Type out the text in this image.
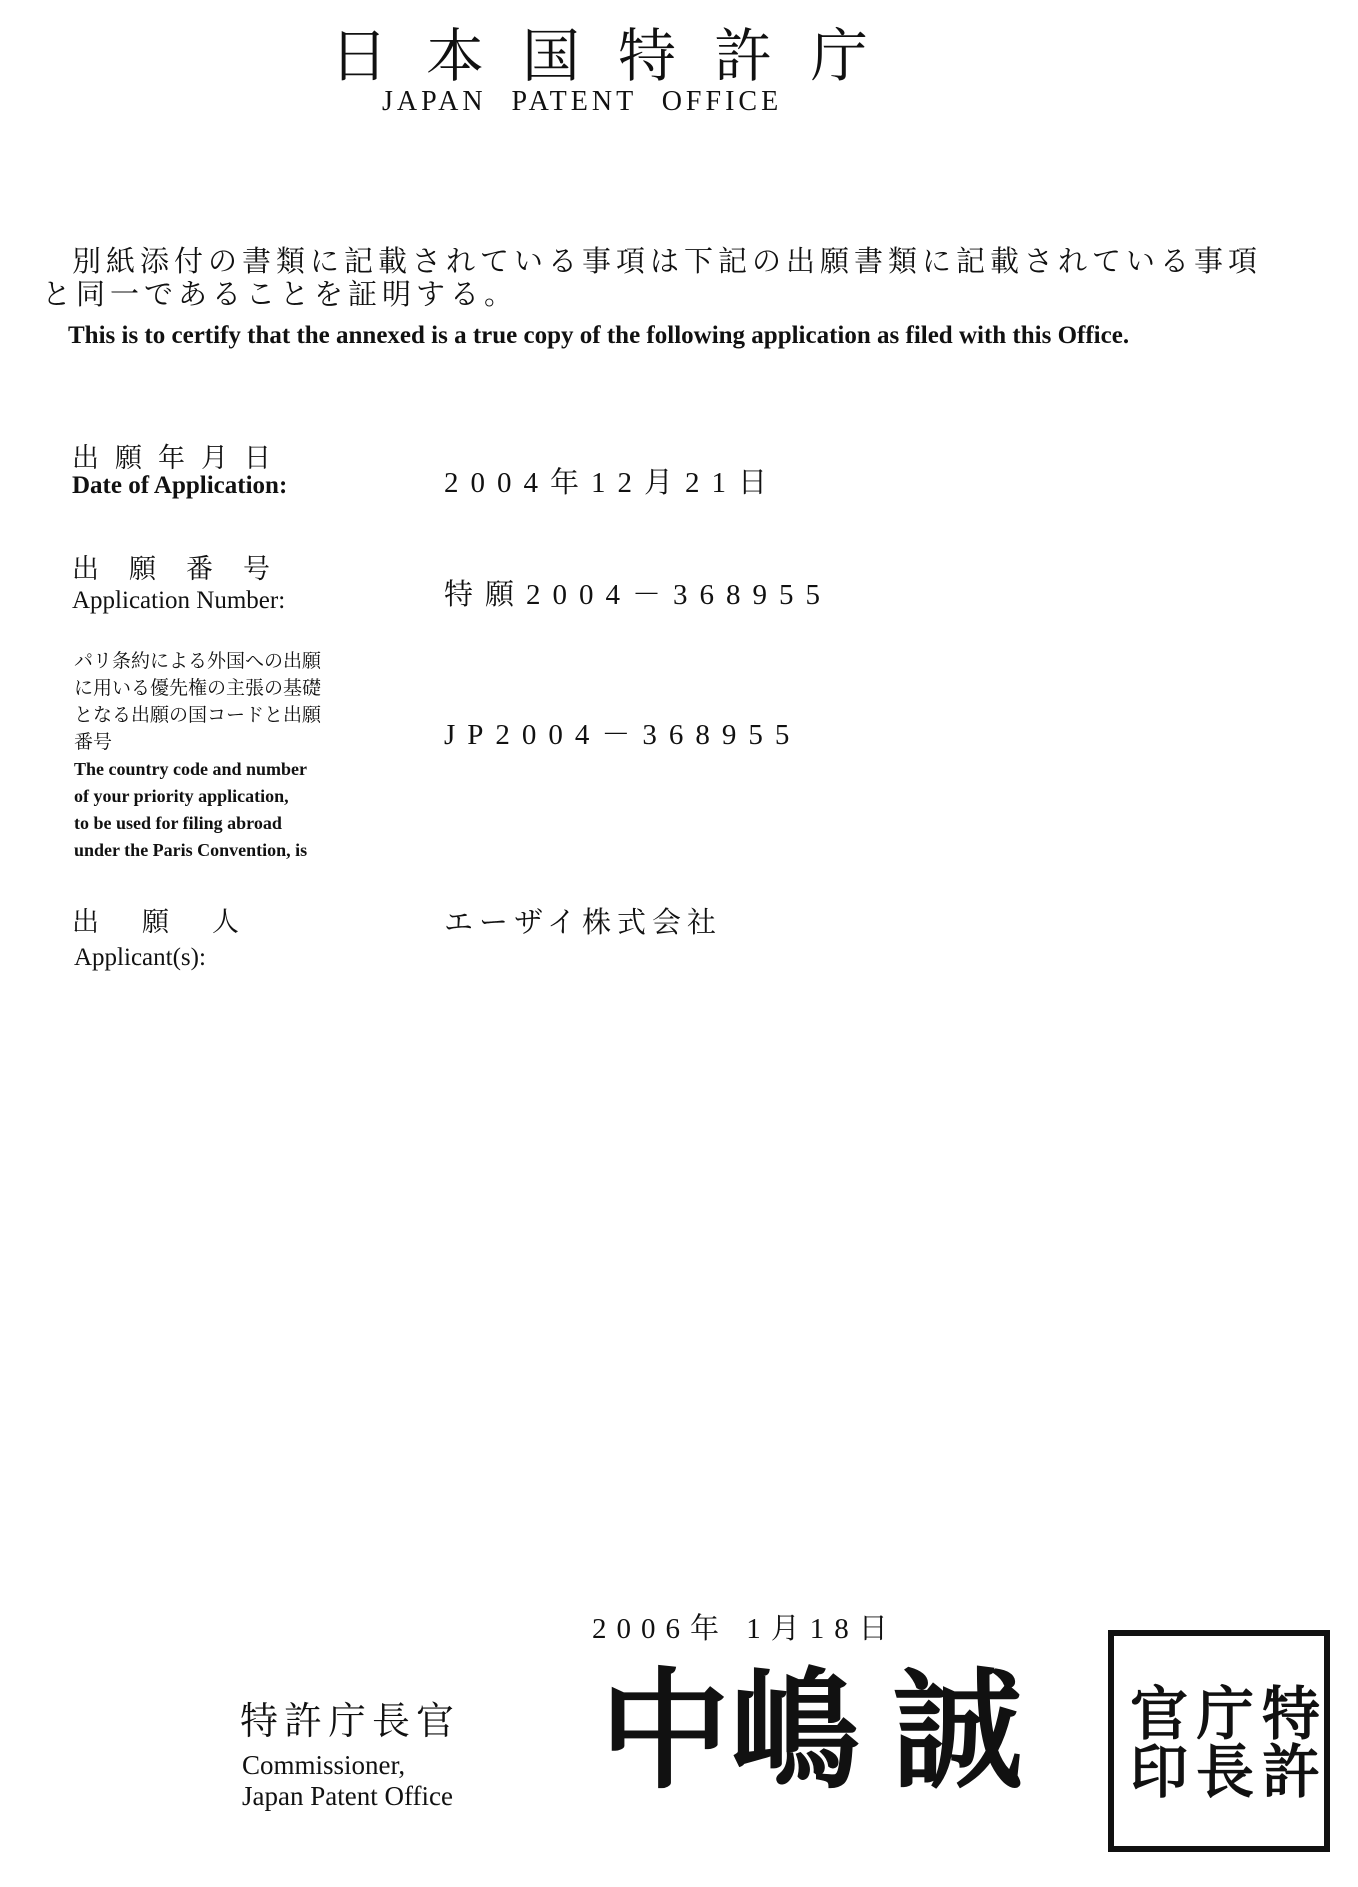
日本国特許庁
JAPAN PATENT OFFICE
別紙添付の書類に記載されている事項は下記の出願書類に記載されている事項と同一であることを証明する。
This is to certify that the annexed is a true copy of the following application as filed with this Office.
出願年月日
Date of Application:	2004年12月21日
出願番号
Application Number:	特願2004－368955
パリ条約による外国への出願
に用いる優先権の主張の基礎
となる出願の国コードと出願
番号
The country code and number
of your priority application,
to be used for filing abroad
under the Paris Convention, is
JP2004－368955
出　願　人
Applicant(s):
エーザイ株式会社
2006年 1月18日
特許庁長官
Commissioner,
Japan Patent Office 中嶋 誠	特許
庁長
官印
